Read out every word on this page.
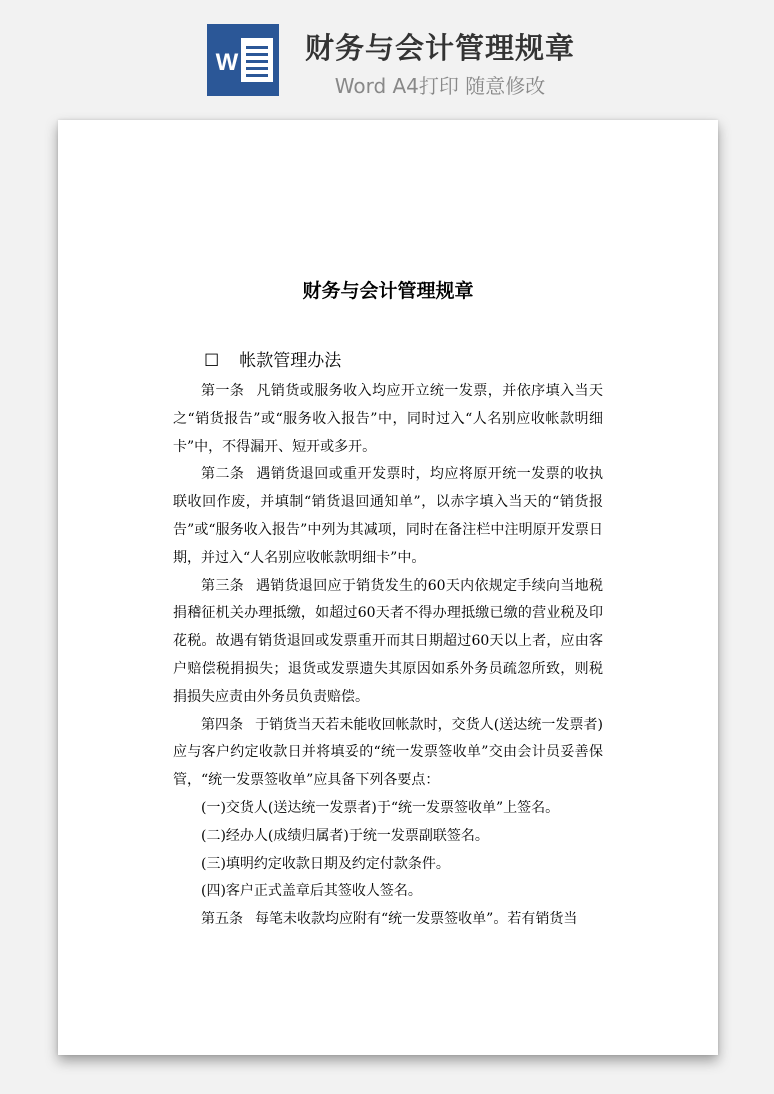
W 财务与会计管理规章
Word A4打印 随意修改
财务与会计管理规章
☐ 帐款管理办法

第一条 凡销货或服务收入均应开立统一发票，并依序填入当天之“销货报告”或“服务收入报告”中，同时过入“人名别应收帐款明细卡”中，不得漏开、短开或多开。

第二条 遇销货退回或重开发票时，均应将原开统一发票的收执联收回作废，并填制“销货退回通知单”，以赤字填入当天的“销货报告”或“服务收入报告”中列为其减项，同时在备注栏中注明原开发票日期，并过入“人名别应收帐款明细卡”中。

第三条 遇销货退回应于销货发生的60天内依规定手续向当地税捐稽征机关办理抵缴，如超过60天者不得办理抵缴已缴的营业税及印花税。故遇有销货退回或发票重开而其日期超过60天以上者，应由客户赔偿税捐损失；退货或发票遗失其原因如系外务员疏忽所致，则税捐损失应责由外务员负责赔偿。

第四条 于销货当天若未能收回帐款时，交货人(送达统一发票者)应与客户约定收款日并将填妥的“统一发票签收单”交由会计员妥善保管，“统一发票签收单”应具备下列各要点：

(一)交货人(送达统一发票者)于“统一发票签收单”上签名。

(二)经办人(成绩归属者)于统一发票副联签名。

(三)填明约定收款日期及约定付款条件。

(四)客户正式盖章后其签收人签名。

第五条 每笔未收款均应附有“统一发票签收单”。若有销货当
